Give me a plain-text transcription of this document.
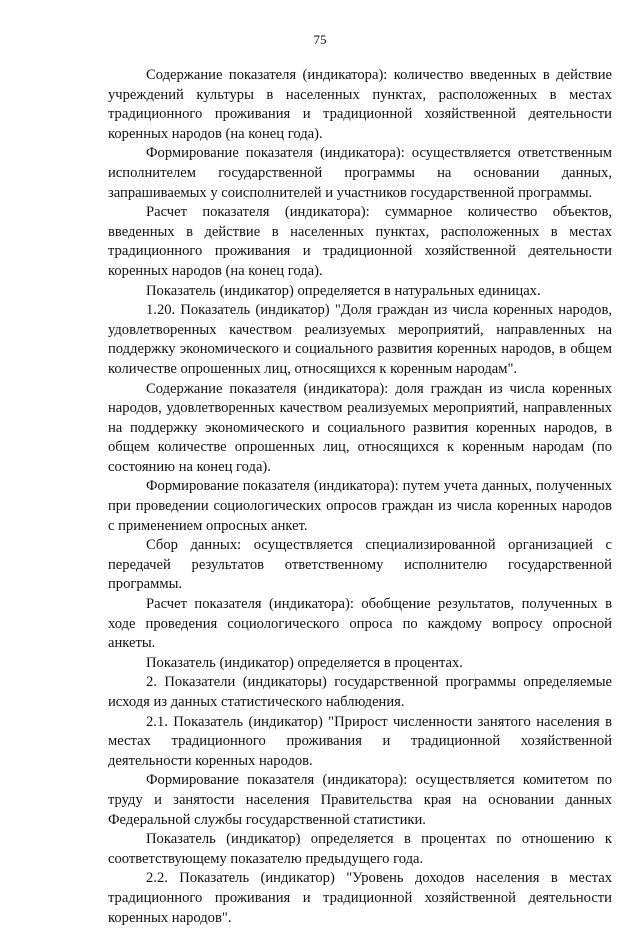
75

Содержание показателя (индикатора): количество введенных в действие учреждений культуры в населенных пунктах, расположенных в местах традиционного проживания и традиционной хозяйственной деятельности коренных народов (на конец года).

Формирование показателя (индикатора): осуществляется ответственным исполнителем государственной программы на основании данных, запрашиваемых у соисполнителей и участников государственной программы.

Расчет показателя (индикатора): суммарное количество объектов, введенных в действие в населенных пунктах, расположенных в местах традиционного проживания и традиционной хозяйственной деятельности коренных народов (на конец года).

Показатель (индикатор) определяется в натуральных единицах.

1.20. Показатель (индикатор) "Доля граждан из числа коренных народов, удовлетворенных качеством реализуемых мероприятий, направленных на поддержку экономического и социального развития коренных народов, в общем количестве опрошенных лиц, относящихся к коренным народам".

Содержание показателя (индикатора): доля граждан из числа коренных народов, удовлетворенных качеством реализуемых мероприятий, направленных на поддержку экономического и социального развития коренных народов, в общем количестве опрошенных лиц, относящихся к коренным народам (по состоянию на конец года).

Формирование показателя (индикатора): путем учета данных, полученных при проведении социологических опросов граждан из числа коренных народов с применением опросных анкет.

Сбор данных: осуществляется специализированной организацией с передачей результатов ответственному исполнителю государственной программы.

Расчет показателя (индикатора): обобщение результатов, полученных в ходе проведения социологического опроса по каждому вопросу опросной анкеты.

Показатель (индикатор) определяется в процентах.

2. Показатели (индикаторы) государственной программы определяемые исходя из данных статистического наблюдения.

2.1. Показатель (индикатор) "Прирост численности занятого населения в местах традиционного проживания и традиционной хозяйственной деятельности коренных народов.

Формирование показателя (индикатора): осуществляется комитетом по труду и занятости населения Правительства края на основании данных Федеральной службы государственной статистики.

Показатель (индикатор) определяется в процентах по отношению к соответствующему показателю предыдущего года.

2.2. Показатель (индикатор) "Уровень доходов населения в местах традиционного проживания и традиционной хозяйственной деятельности коренных народов".
